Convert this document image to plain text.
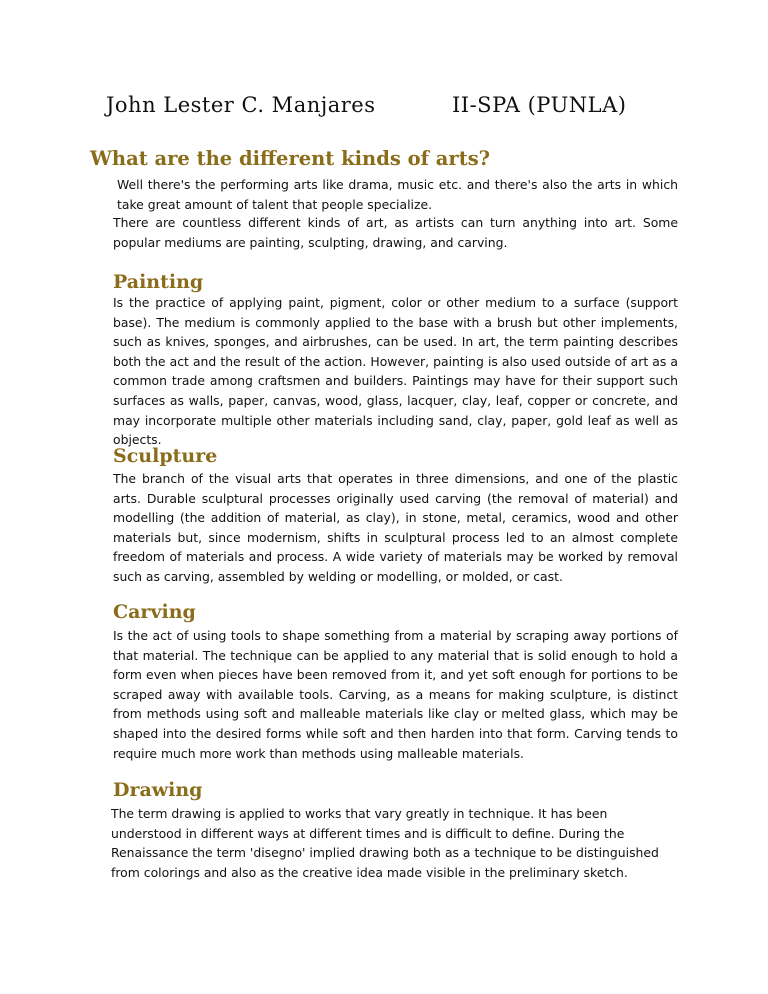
John Lester C. Manjares	II-SPA (PUNLA)
What are the different kinds of arts?

Well there's the performing arts like drama, music etc. and there's also the arts in which take great amount of talent that people specialize.

There are countless different kinds of art, as artists can turn anything into art. Some popular mediums are painting, sculpting, drawing, and carving.

Painting

Is the practice of applying paint, pigment, color or other medium to a surface (support base). The medium is commonly applied to the base with a brush but other implements, such as knives, sponges, and airbrushes, can be used. In art, the term painting describes both the act and the result of the action. However, painting is also used outside of art as a common trade among craftsmen and builders. Paintings may have for their support such surfaces as walls, paper, canvas, wood, glass, lacquer, clay, leaf, copper or concrete, and may incorporate multiple other materials including sand, clay, paper, gold leaf as well as objects.

Sculpture

The branch of the visual arts that operates in three dimensions, and one of the plastic arts. Durable sculptural processes originally used carving (the removal of material) and modelling (the addition of material, as clay), in stone, metal, ceramics, wood and other materials but, since modernism, shifts in sculptural process led to an almost complete freedom of materials and process. A wide variety of materials may be worked by removal such as carving, assembled by welding or modelling, or molded, or cast.

Carving

Is the act of using tools to shape something from a material by scraping away portions of that material. The technique can be applied to any material that is solid enough to hold a form even when pieces have been removed from it, and yet soft enough for portions to be scraped away with available tools. Carving, as a means for making sculpture, is distinct from methods using soft and malleable materials like clay or melted glass, which may be shaped into the desired forms while soft and then harden into that form. Carving tends to require much more work than methods using malleable materials.

Drawing

The term drawing is applied to works that vary greatly in technique. It has been understood in different ways at different times and is difficult to define. During the Renaissance the term 'disegno' implied drawing both as a technique to be distinguished from colorings and also as the creative idea made visible in the preliminary sketch.
